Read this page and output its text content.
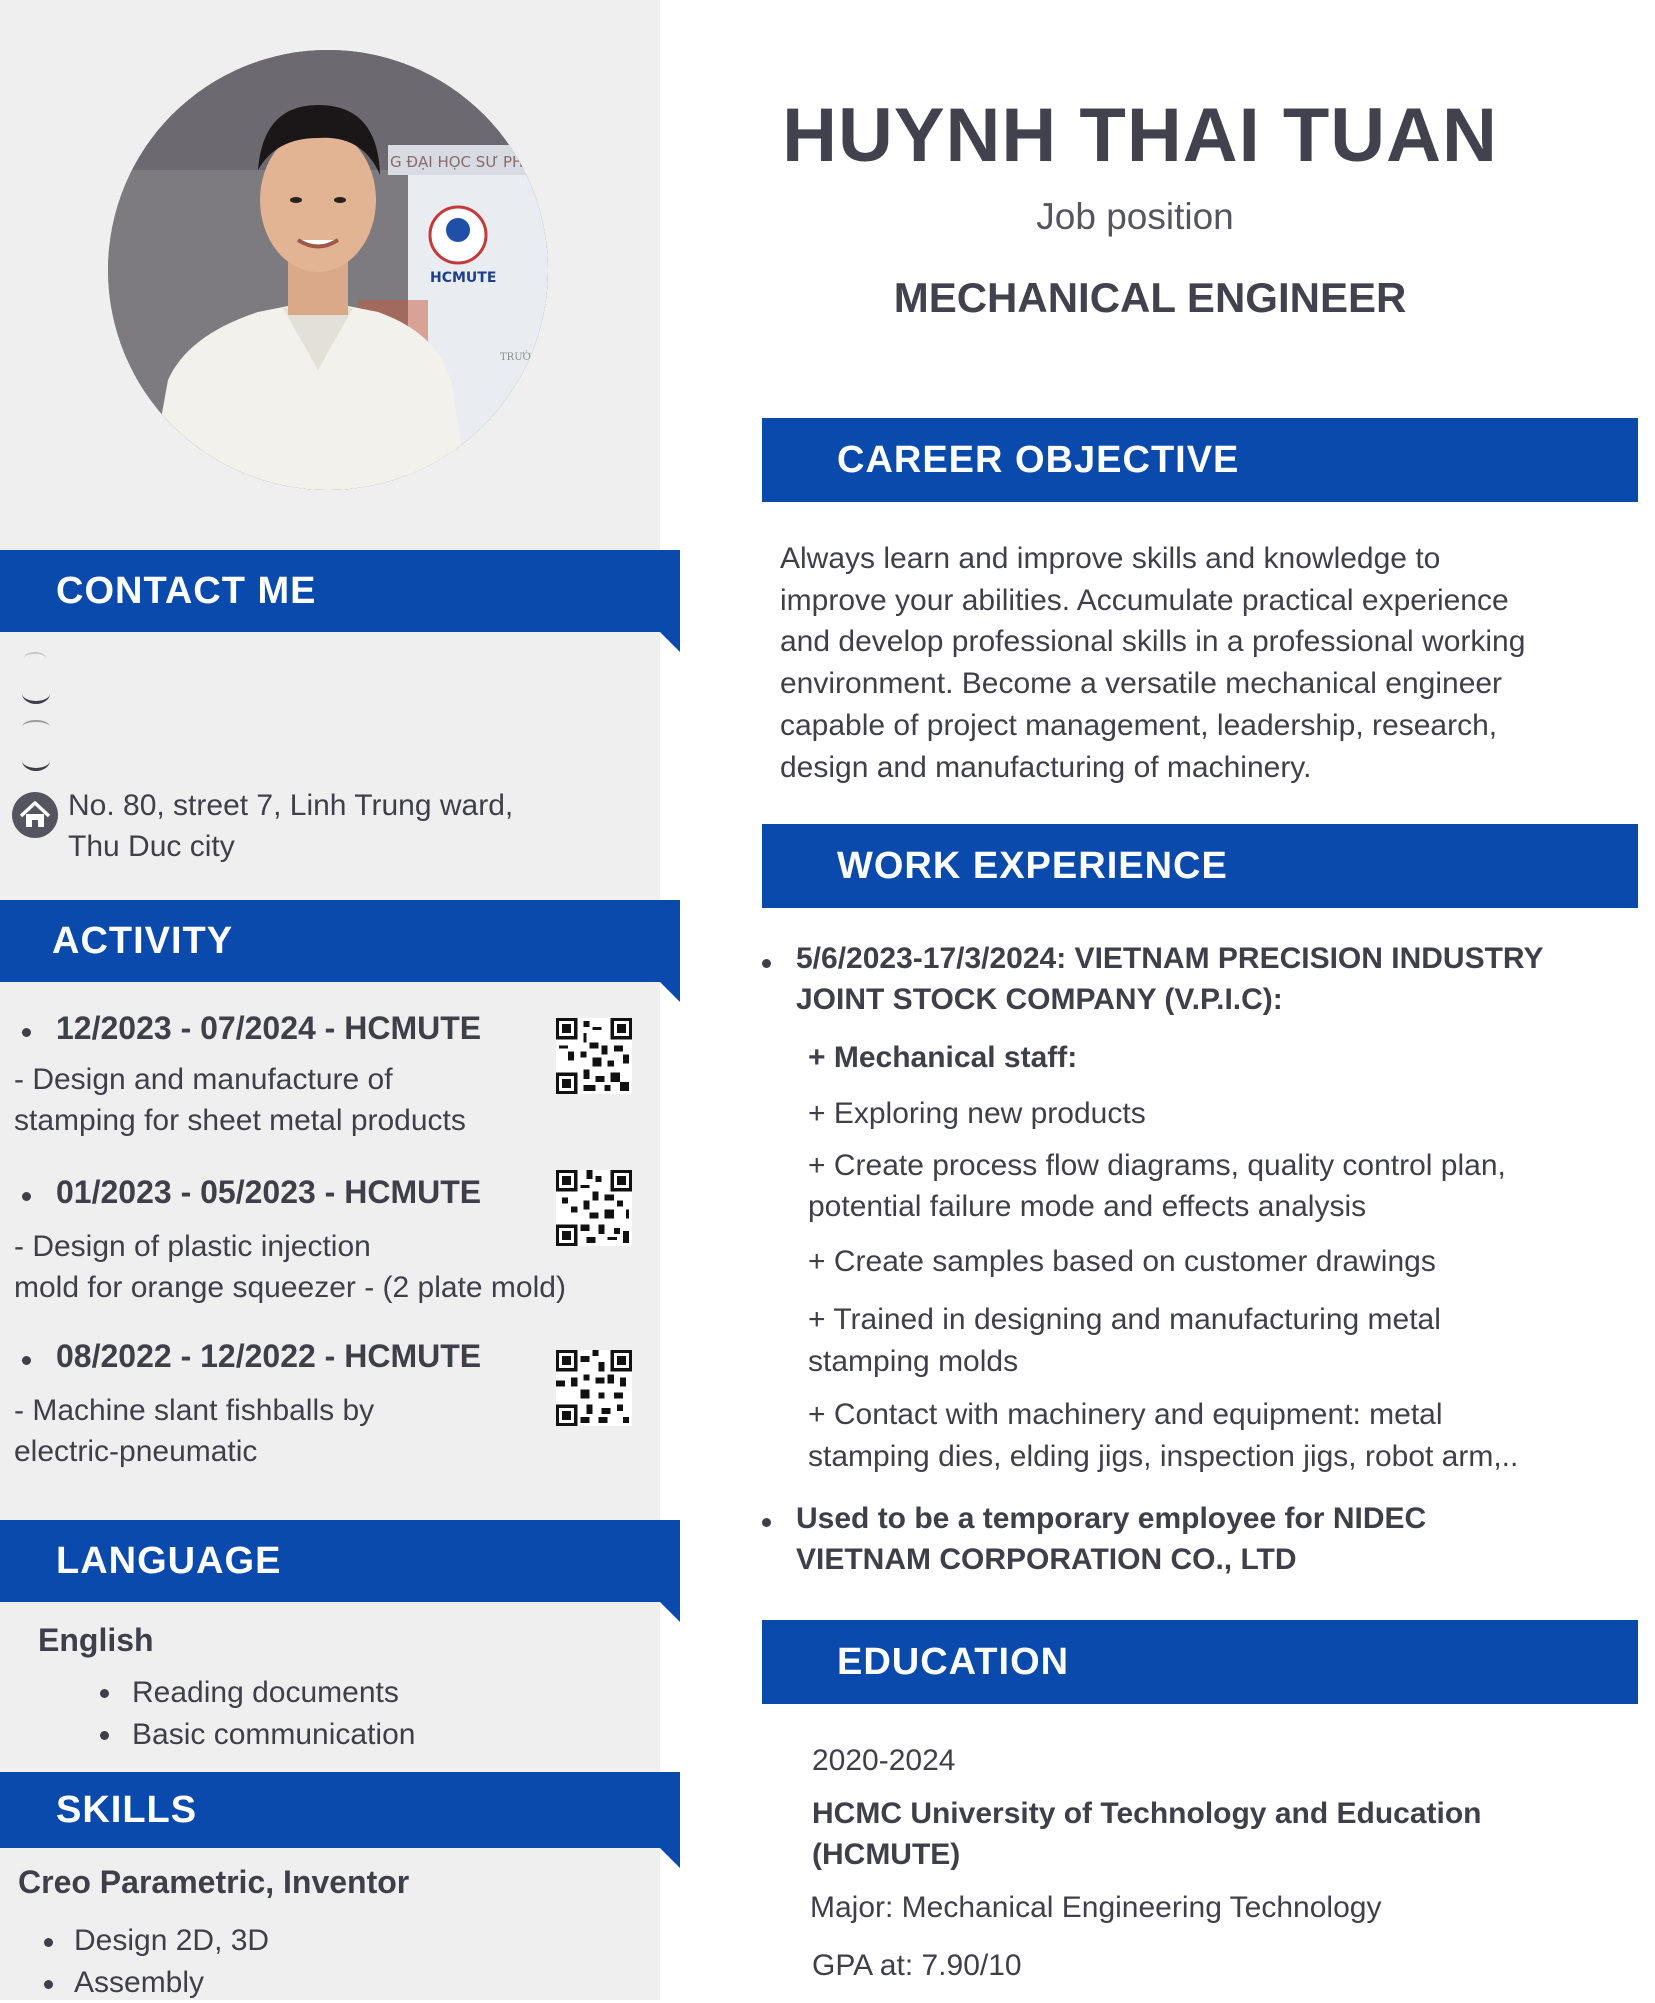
G ĐẠI HỌC SƯ PHẠ
HCMUTE
TRƯỜ
CONTACT ME
No. 80, street 7, Linh Trung ward,
Thu Duc city
ACTIVITY
12/2023 - 07/2024 - HCMUTE
- Design and manufacture of
stamping for sheet metal products
01/2023 - 05/2023 - HCMUTE
- Design of plastic injection
mold for orange squeezer - (2 plate mold)
08/2022 - 12/2022 - HCMUTE
- Machine slant fishballs by
electric-pneumatic
LANGUAGE
English
Reading documents
Basic communication
SKILLS
Creo Parametric, Inventor
Design 2D, 3D
Assembly
HUYNH THAI TUAN
Job position
MECHANICAL ENGINEER
CAREER OBJECTIVE
Always learn and improve skills and knowledge to
improve your abilities. Accumulate practical experience
and develop professional skills in a professional working
environment. Become a versatile mechanical engineer
capable of project management, leadership, research,
design and manufacturing of machinery.
WORK EXPERIENCE
5/6/2023-17/3/2024: VIETNAM PRECISION INDUSTRY
JOINT STOCK COMPANY (V.P.I.C):
+ Mechanical staff:
+ Exploring new products
+ Create process flow diagrams, quality control plan,
potential failure mode and effects analysis
+ Create samples based on customer drawings
+ Trained in designing and manufacturing metal
stamping molds
+ Contact with machinery and equipment: metal
stamping dies, elding jigs, inspection jigs, robot arm,..
Used to be a temporary employee for NIDEC
VIETNAM CORPORATION CO., LTD
EDUCATION
2020-2024
HCMC University of Technology and Education
(HCMUTE)
Major: Mechanical Engineering Technology
GPA at: 7.90/10
